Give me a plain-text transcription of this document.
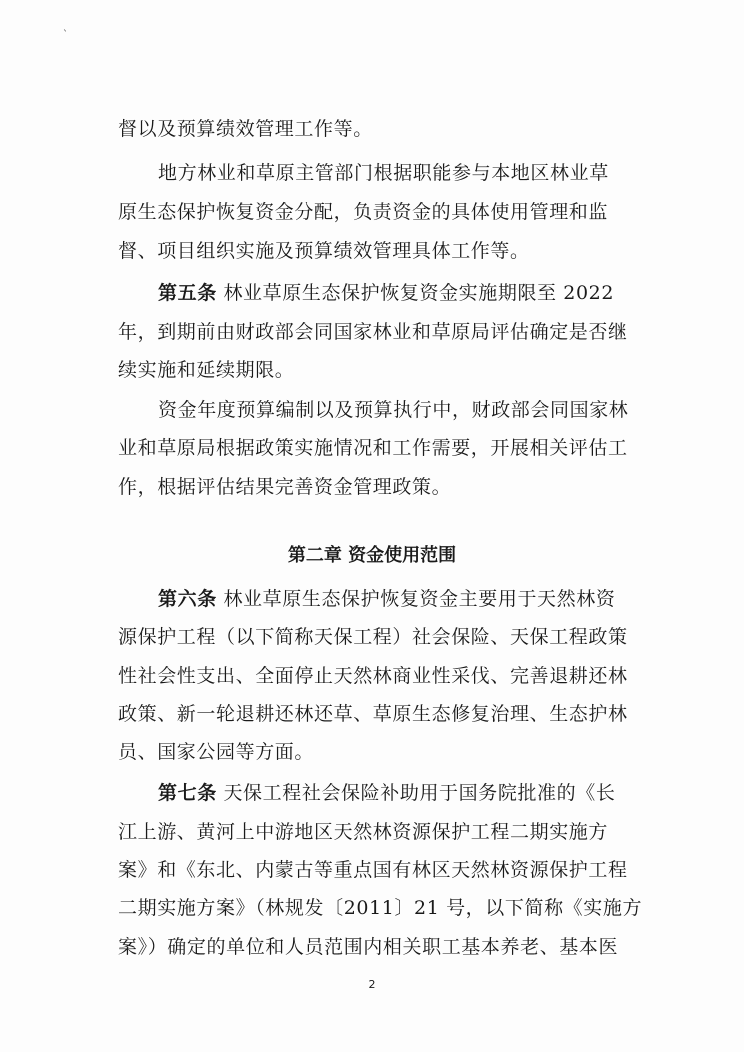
`
督以及预算绩效管理工作等。
地方林业和草原主管部门根据职能参与本地区林业草
原生态保护恢复资金分配，负责资金的具体使用管理和监
督、项目组织实施及预算绩效管理具体工作等。
第五条 林业草原生态保护恢复资金实施期限至 2022
年，到期前由财政部会同国家林业和草原局评估确定是否继
续实施和延续期限。
资金年度预算编制以及预算执行中，财政部会同国家林
业和草原局根据政策实施情况和工作需要，开展相关评估工
作，根据评估结果完善资金管理政策。
第二章 资金使用范围
第六条 林业草原生态保护恢复资金主要用于天然林资
源保护工程（以下简称天保工程）社会保险、天保工程政策
性社会性支出、全面停止天然林商业性采伐、完善退耕还林
政策、新一轮退耕还林还草、草原生态修复治理、生态护林
员、国家公园等方面。
第七条 天保工程社会保险补助用于国务院批准的《长
江上游、黄河上中游地区天然林资源保护工程二期实施方
案》和《东北、内蒙古等重点国有林区天然林资源保护工程
二期实施方案》（林规发〔2011〕21 号，以下简称《实施方
案》）确定的单位和人员范围内相关职工基本养老、基本医
2
